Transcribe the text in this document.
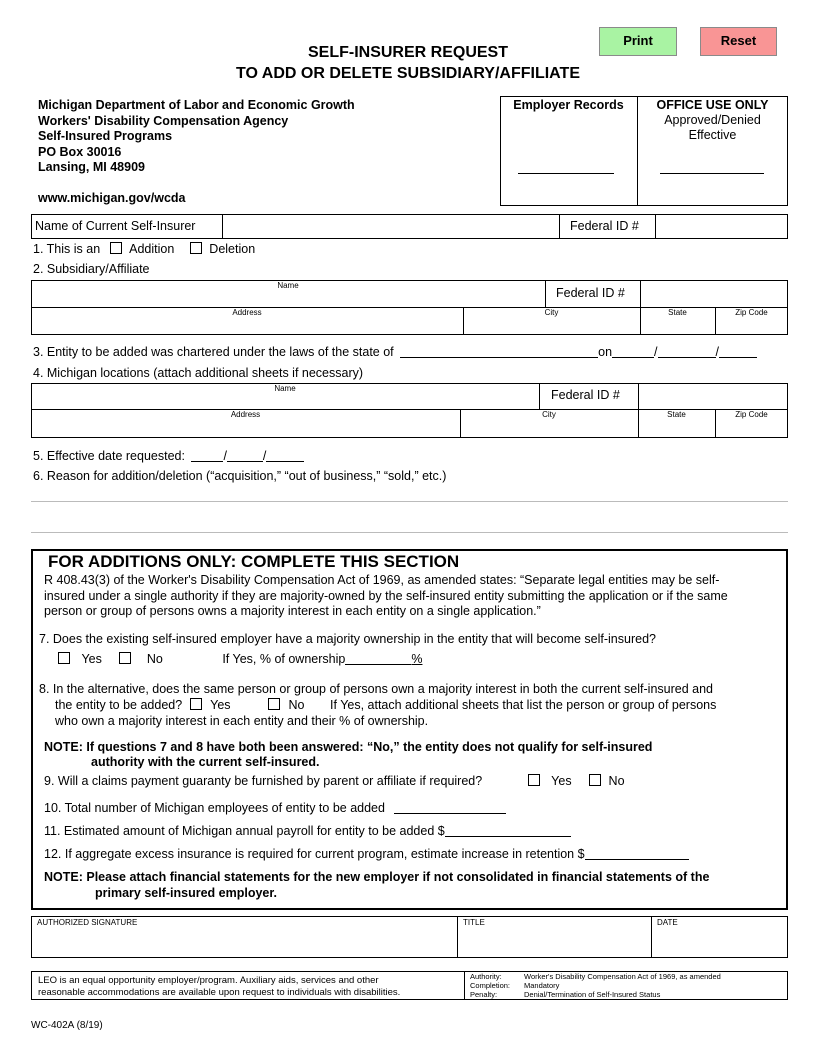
Print	Reset
SELF-INSURER REQUEST
TO ADD OR DELETE SUBSIDIARY/AFFILIATE
Michigan Department of Labor and Economic Growth
Workers' Disability Compensation Agency
Self-Insured Programs
PO Box 30016
Lansing, MI 48909
www.michigan.gov/wcda
Employer Records	OFFICE USE ONLY
Approved/Denied
Effective
Name of Current Self-Insurer	Federal ID #
1. This is an Addition	Deletion
2. Subsidiary/Affiliate
Name
Federal ID #
Address	City	State	Zip Code
3. Entity to be added was chartered under the laws of the state of	on	/	/
4. Michigan locations (attach additional sheets if necessary)
Name	Federal ID #
Address	City	State	Zip Code
5. Effective date requested:	/	/
6. Reason for addition/deletion (“acquisition,” “out of business,” “sold,” etc.)
FOR ADDITIONS ONLY: COMPLETE THIS SECTION
R 408.43(3) of the Worker's Disability Compensation Act of 1969, as amended states: “Separate legal entities may be self-
insured under a single authority if they are majority-owned by the self-insured entity submitting the application or if the same
person or group of persons owns a majority interest in each entity on a single application.”
7. Does the existing self-insured employer have a majority ownership in the entity that will become self-insured?
Yes	No	If Yes, % of ownership	%
8. In the alternative, does the same person or group of persons own a majority interest in both the current self-insured and
the entity to be added? Yes	No If Yes, attach additional sheets that list the person or group of persons
who own a majority interest in each entity and their % of ownership.
NOTE: If questions 7 and 8 have both been answered: “No,” the entity does not qualify for self-insured
authority with the current self-insured.
9. Will a claims payment guaranty be furnished by parent or affiliate if required?	Yes	No
10. Total number of Michigan employees of entity to be added
11. Estimated amount of Michigan annual payroll for entity to be added $
12. If aggregate excess insurance is required for current program, estimate increase in retention $
NOTE: Please attach financial statements for the new employer if not consolidated in financial statements of the
primary self-insured employer.
AUTHORIZED SIGNATURE	TITLE	DATE
LEO is an equal opportunity employer/program. Auxiliary aids, services and other
reasonable accommodations are available upon request to individuals with disabilities.
Authority:	Worker's Disability Compensation Act of 1969, as amended
Completion: Mandatory
Penalty:	Denial/Termination of Self-Insured Status
WC-402A (8/19)
